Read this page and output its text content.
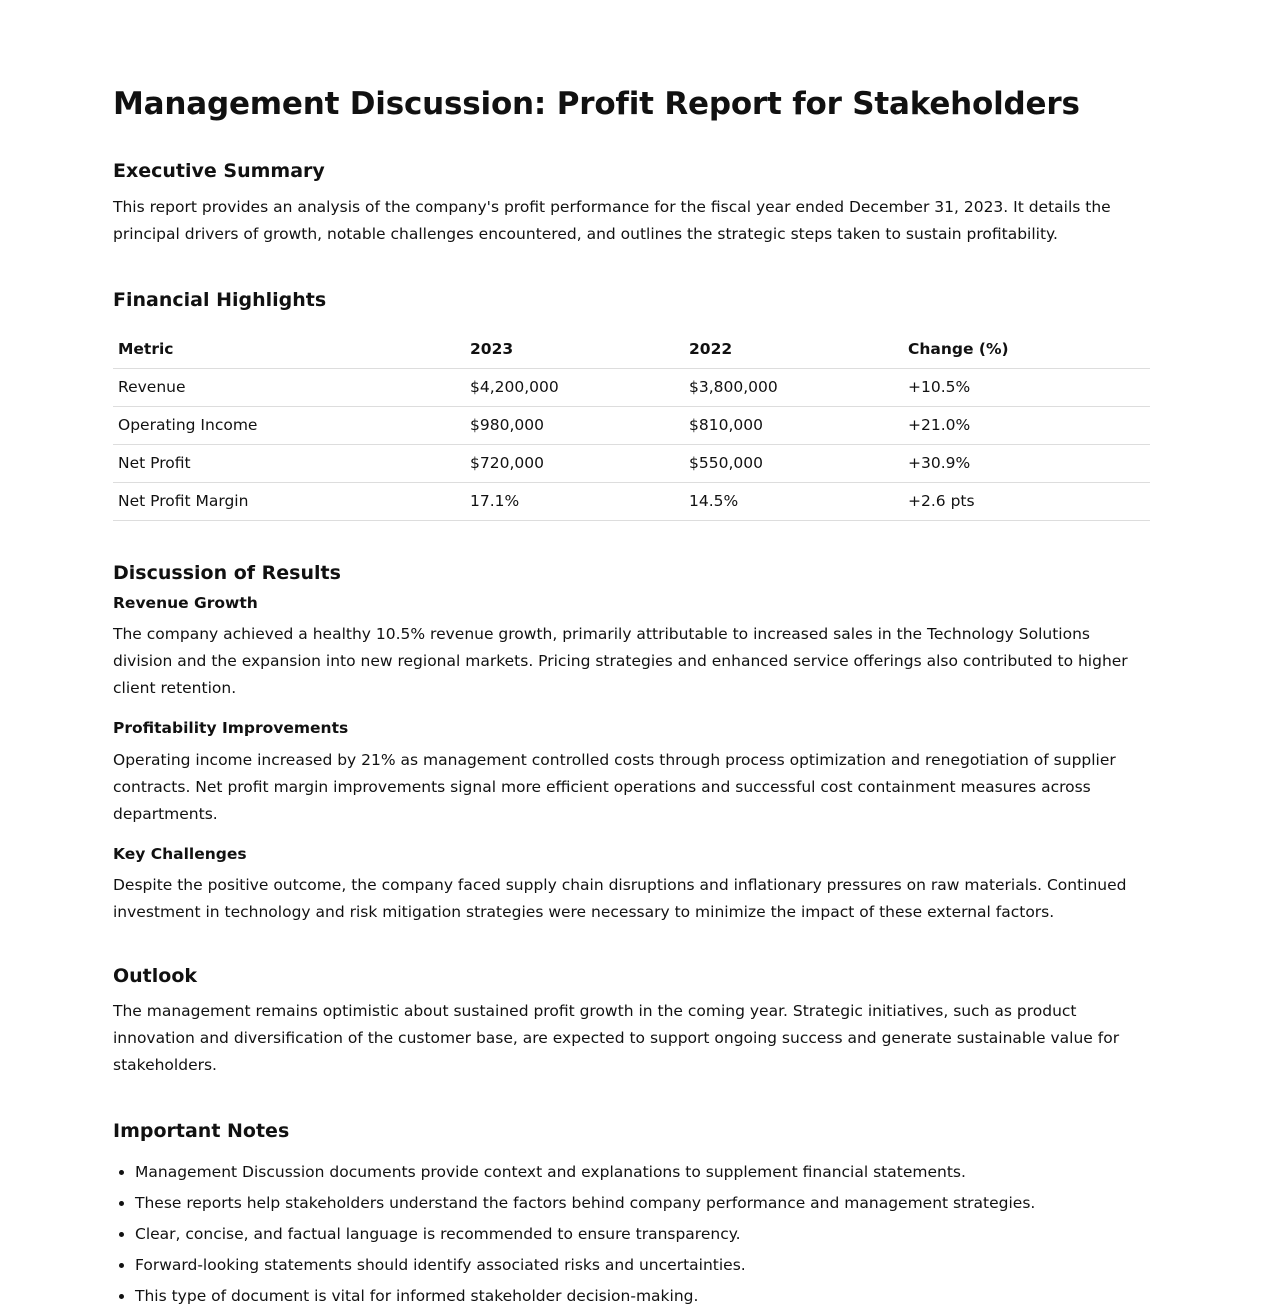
Management Discussion: Profit Report for Stakeholders
Executive Summary

This report provides an analysis of the company's profit performance for the fiscal year ended December 31, 2023. It details the principal drivers of growth, notable challenges encountered, and outlines the strategic steps taken to sustain profitability.

Financial Highlights
Metric	2023	2022	Change (%)
Revenue	$4,200,000	$3,800,000	+10.5%
Operating Income	$980,000	$810,000	+21.0%
Net Profit	$720,000	$550,000	+30.9%
Net Profit Margin	17.1%	14.5%	+2.6 pts
Discussion of Results
Revenue Growth

The company achieved a healthy 10.5% revenue growth, primarily attributable to increased sales in the Technology Solutions division and the expansion into new regional markets. Pricing strategies and enhanced service offerings also contributed to higher client retention.

Profitability Improvements

Operating income increased by 21% as management controlled costs through process optimization and renegotiation of supplier contracts. Net profit margin improvements signal more efficient operations and successful cost containment measures across departments.

Key Challenges

Despite the positive outcome, the company faced supply chain disruptions and inflationary pressures on raw materials. Continued investment in technology and risk mitigation strategies were necessary to minimize the impact of these external factors.

Outlook

The management remains optimistic about sustained profit growth in the coming year. Strategic initiatives, such as product innovation and diversification of the customer base, are expected to support ongoing success and generate sustainable value for stakeholders.

Important Notes
• Management Discussion documents provide context and explanations to supplement financial statements.
• These reports help stakeholders understand the factors behind company performance and management strategies.
• Clear, concise, and factual language is recommended to ensure transparency.
• Forward-looking statements should identify associated risks and uncertainties.
• This type of document is vital for informed stakeholder decision-making.
